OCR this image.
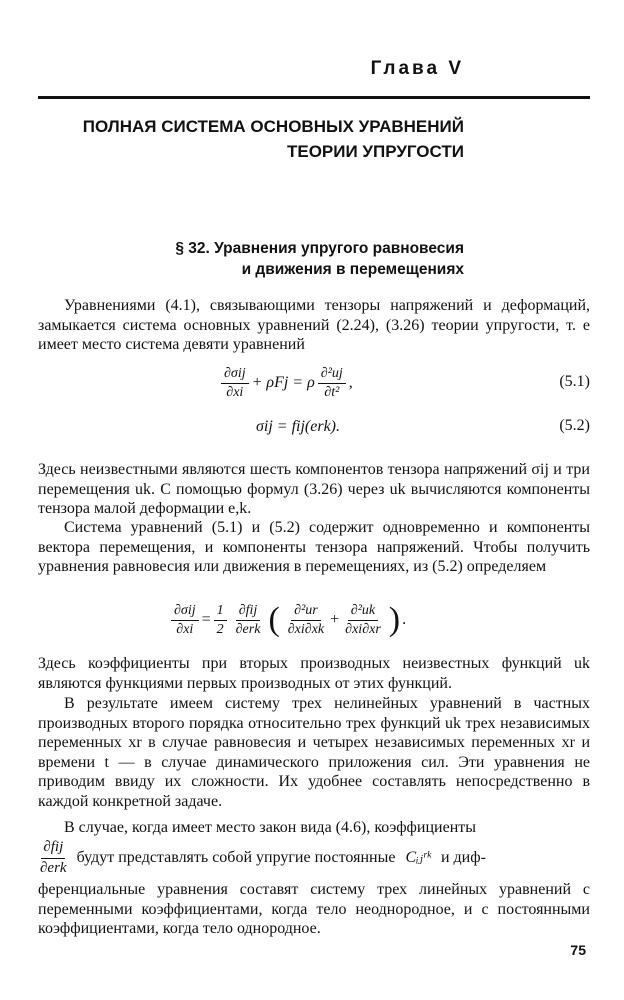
Глава V
ПОЛНАЯ СИСТЕМА ОСНОВНЫХ УРАВНЕНИЙ
ТЕОРИИ УПРУГОСТИ
§ 32. Уравнения упругого равновесия
и движения в перемещениях
Уравнениями (4.1), связывающими тензоры напряжений и деформаций, замыкается система основных уравнений (2.24), (3.26) теории упругости, т. е имеет место система девяти уравнений
$\frac{\text{∂σij}}{\partial xi} + \rho Fj = \rho \frac{\text{∂²uj}}{\text{∂t²}}$ ,	(5.1)
σij = fij(erk).	(5.2)
Здесь неизвестными являются шесть компонентов тензора напряжений σij и три перемещения uk. С помощью формул (3.26) через uk вычисляются компоненты тензора малой деформации e,k.
Система уравнений (5.1) и (5.2) содержит одновременно и компоненты вектора перемещения, и компоненты тензора напряжений. Чтобы получить уравнения равновесия или движения в перемещениях, из (5.2) определяем
$\frac{\text{∂σij}}{\partial xi} = \frac{1}{2} \frac{\text{∂fij}}{\text{∂erk}}$ ( $\frac{\text{∂²ur}}{\partial xi\partial xk} + \frac{\text{∂²uk}}{\partial xi\partial xr}$ ) .
Здесь коэффициенты при вторых производных неизвестных функций uk являются функциями первых производных от этих функций.
В результате имеем систему трех нелинейных уравнений в частных производных второго порядка относительно трех функций uk трех независимых переменных xr в случае равновесия и четырех независимых переменных xr и времени t — в случае динамического приложения сил. Эти уравнения не приводим ввиду их сложности. Их удобнее составлять непосредственно в каждой конкретной задаче.
В случае, когда имеет место закон вида (4.6), коэффициенты
$\frac{\text{∂fij}}{\text{∂erk}}$ будут представлять собой упругие постоянные Cᵢⱼʳᵏ и диф-
ференциальные уравнения составят систему трех линейных уравнений с переменными коэффициентами, когда тело неоднородное, и с постоянными коэффициентами, когда тело однородное.
75
